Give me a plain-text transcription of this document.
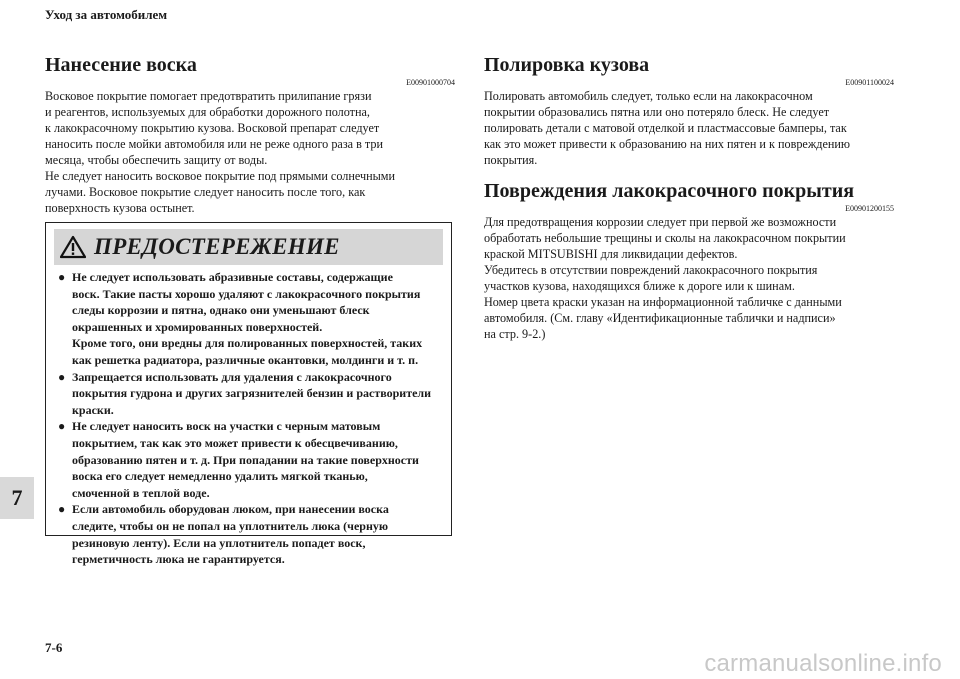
Уход за автомобилем
7
Нанесение воска
E00901000704

Восковое покрытие помогает предотвратить прилипание грязи

и реагентов, используемых для обработки дорожного полотна,

к лакокрасочному покрытию кузова. Восковой препарат следует

наносить после мойки автомобиля или не реже одного раза в три

месяца, чтобы обеспечить защиту от воды.

Не следует наносить восковое покрытие под прямыми солнечными

лучами. Восковое покрытие следует наносить после того, как

поверхность кузова остынет.

ПРЕДОСТЕРЕЖЕНИЕ
● Не следует использовать абразивные составы, содержащие

воск. Такие пасты хорошо удаляют с лакокрасочного покрытия

следы коррозии и пятна, однако они уменьшают блеск

окрашенных и хромированных поверхностей.

Кроме того, они вредны для полированных поверхностей, таких

как решетка радиатора, различные окантовки, молдинги и т. п.

● Запрещается использовать для удаления с лакокрасочного

покрытия гудрона и других загрязнителей бензин и растворители

краски.

● Не следует наносить воск на участки с черным матовым

покрытием, так как это может привести к обесцвечиванию,

образованию пятен и т. д. При попадании на такие поверхности

воска его следует немедленно удалить мягкой тканью,

смоченной в теплой воде.

● Если автомобиль оборудован люком, при нанесении воска

следите, чтобы он не попал на уплотнитель люка (черную

резиновую ленту). Если на уплотнитель попадет воск,

герметичность люка не гарантируется.

Полировка кузова
E00901100024

Полировать автомобиль следует, только если на лакокрасочном

покрытии образовались пятна или оно потеряло блеск. Не следует

полировать детали с матовой отделкой и пластмассовые бамперы, так

как это может привести к образованию на них пятен и к повреждению

покрытия.

Повреждения лакокрасочного покрытия
E00901200155

Для предотвращения коррозии следует при первой же возможности

обработать небольшие трещины и сколы на лакокрасочном покрытии

краской MITSUBISHI для ликвидации дефектов.

Убедитесь в отсутствии повреждений лакокрасочного покрытия

участков кузова, находящихся ближе к дороге или к шинам.

Номер цвета краски указан на информационной табличке с данными

автомобиля. (См. главу «Идентификационные таблички и надписи»

на стр. 9-2.)

7-6
carmanualsonline.info
